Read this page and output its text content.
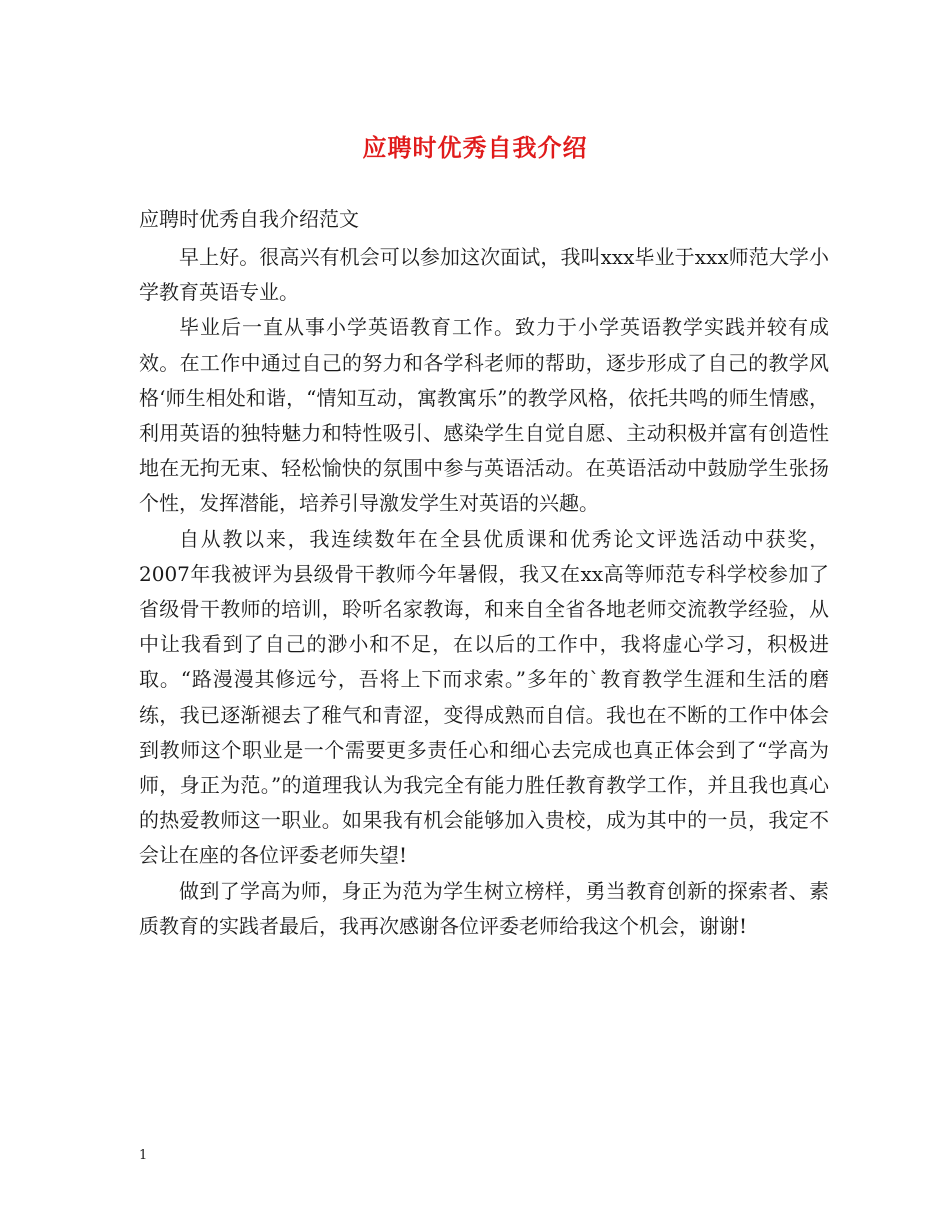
应聘时优秀自我介绍
应聘时优秀自我介绍范文

早上好。很高兴有机会可以参加这次面试，我叫xxx毕业于xxx师范大学小学教育英语专业。

毕业后一直从事小学英语教育工作。致力于小学英语教学实践并较有成效。在工作中通过自己的努力和各学科老师的帮助，逐步形成了自己的教学风格‘师生相处和谐，“情知互动，寓教寓乐”的教学风格，依托共鸣的师生情感，利用英语的独特魅力和特性吸引、感染学生自觉自愿、主动积极并富有创造性地在无拘无束、轻松愉快的氛围中参与英语活动。在英语活动中鼓励学生张扬个性，发挥潜能，培养引导激发学生对英语的兴趣。

自从教以来，我连续数年在全县优质课和优秀论文评选活动中获奖，2007年我被评为县级骨干教师今年暑假，我又在xx高等师范专科学校参加了省级骨干教师的培训，聆听名家教诲，和来自全省各地老师交流教学经验，从中让我看到了自己的渺小和不足，在以后的工作中，我将虚心学习，积极进取。“路漫漫其修远兮，吾将上下而求索。”多年的`教育教学生涯和生活的磨练，我已逐渐褪去了稚气和青涩，变得成熟而自信。我也在不断的工作中体会到教师这个职业是一个需要更多责任心和细心去完成也真正体会到了“学高为师，身正为范。”的道理我认为我完全有能力胜任教育教学工作，并且我也真心的热爱教师这一职业。如果我有机会能够加入贵校，成为其中的一员，我定不会让在座的各位评委老师失望!

做到了学高为师，身正为范为学生树立榜样，勇当教育创新的探索者、素质教育的实践者最后，我再次感谢各位评委老师给我这个机会，谢谢!

1
